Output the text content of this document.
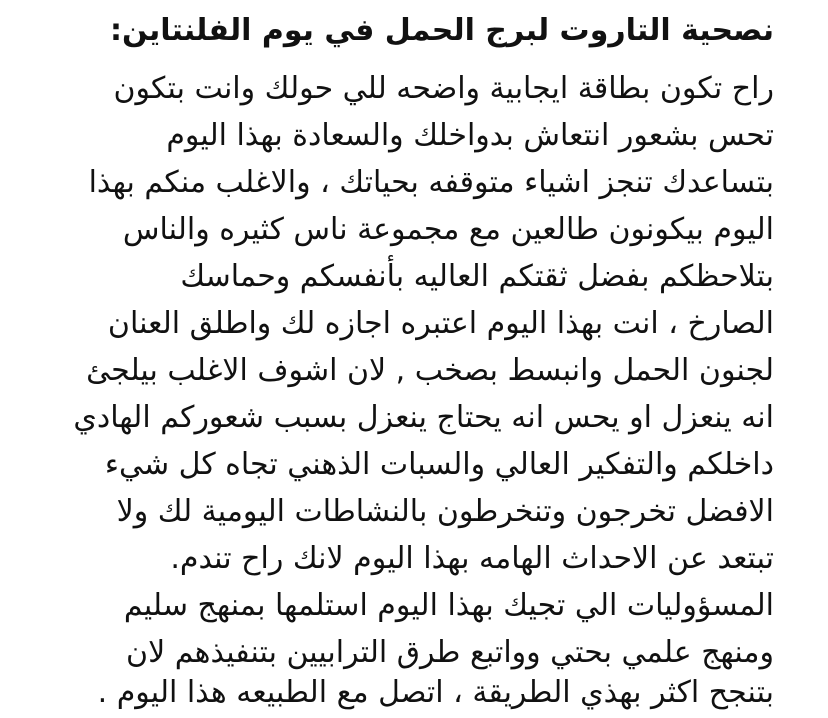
نصحية التاروت لبرج الحمل في يوم الفلنتاين:
راح تكون بطاقة ايجابية واضحه للي حولك وانت بتكون
تحس بشعور انتعاش بدواخلك والسعادة بهذا اليوم
بتساعدك تنجز اشياء متوقفه بحياتك ، والاغلب منكم بهذا
اليوم بيكونون طالعين مع مجموعة ناس كثيره والناس
بتلاحظكم بفضل ثقتكم العاليه بأنفسكم وحماسك
الصارخ ، انت بهذا اليوم اعتبره اجازه لك واطلق العنان
لجنون الحمل وانبسط بصخب , لان اشوف الاغلب بيلجئ
انه ينعزل او يحس انه يحتاج ينعزل بسبب شعوركم الهادي
داخلكم والتفكير العالي والسبات الذهني تجاه كل شيء
الافضل تخرجون وتنخرطون بالنشاطات اليومية لك ولا
تبتعد عن الاحداث الهامه بهذا اليوم لانك راح تندم.
المسؤوليات الي تجيك بهذا اليوم استلمها بمنهج سليم
ومنهج علمي بحتي وواتبع طرق الترابيين بتنفيذهم لان
بتنجح اكثر بهذي الطريقة ، اتصل مع الطبيعه هذا اليوم .
